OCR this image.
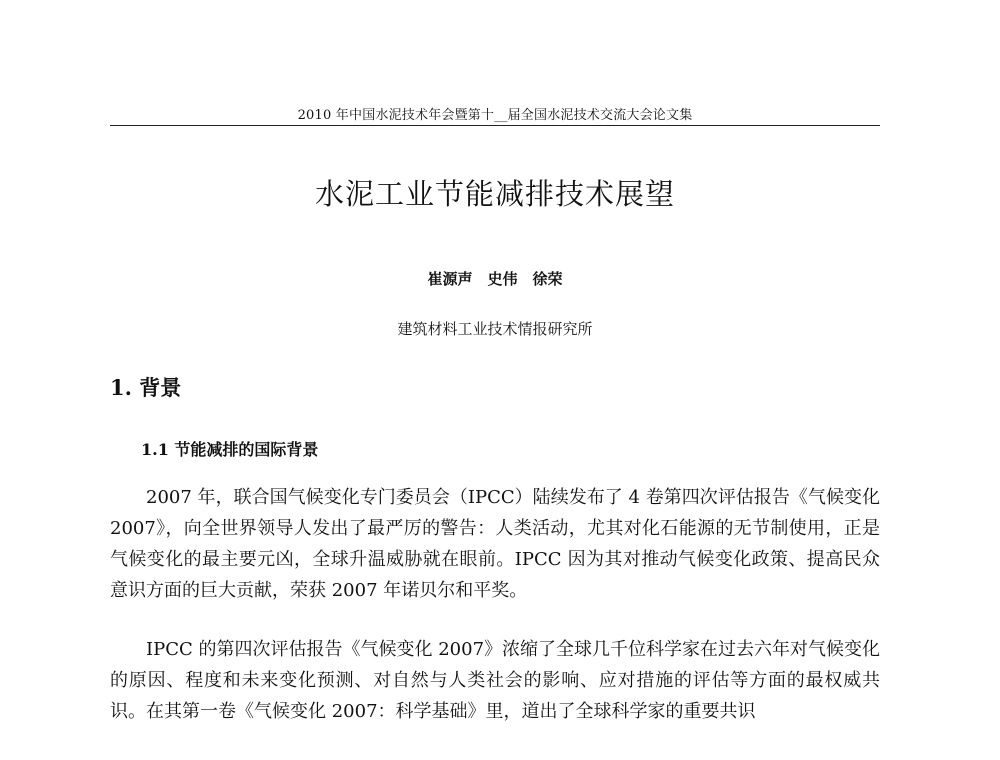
2010 年中国水泥技术年会暨第十__届全国水泥技术交流大会论文集
水泥工业节能减排技术展望
崔源声　史伟　徐荣
建筑材料工业技术情报研究所
1. 背景
1.1 节能减排的国际背景

2007 年，联合国气候变化专门委员会（IPCC）陆续发布了 4 卷第四次评估报告《气候变化 2007》，向全世界领导人发出了最严厉的警告：人类活动，尤其对化石能源的无节制使用，正是气候变化的最主要元凶，全球升温威胁就在眼前。IPCC 因为其对推动气候变化政策、提高民众意识方面的巨大贡献，荣获 2007 年诺贝尔和平奖。

IPCC 的第四次评估报告《气候变化 2007》浓缩了全球几千位科学家在过去六年对气候变化的原因、程度和未来变化预测、对自然与人类社会的影响、应对措施的评估等方面的最权威共识。在其第一卷《气候变化 2007：科学基础》里，道出了全球科学家的重要共识
